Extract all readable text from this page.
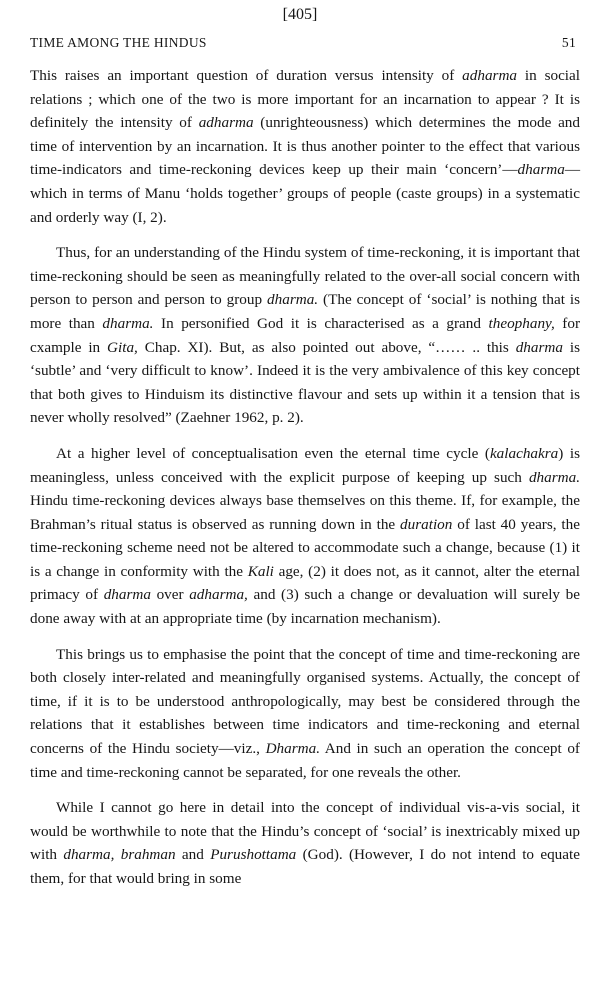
[405]
TIME AMONG THE HINDUS	51

This raises an important question of duration versus intensity of adharma in social relations ; which one of the two is more important for an incarnation to appear ? It is definitely the intensity of adharma (unrighteousness) which determines the mode and time of intervention by an incarnation. It is thus another pointer to the effect that various time-indicators and time-reckoning devices keep up their main ‘concern’—dharma—which in terms of Manu ‘holds together’ groups of people (caste groups) in a systematic and orderly way (I, 2).

Thus, for an understanding of the Hindu system of time-reckoning, it is important that time-reckoning should be seen as meaningfully related to the over-all social concern with person to person and person to group dharma. (The concept of ‘social’ is nothing that is more than dharma. In personified God it is characterised as a grand theophany, for cxample in Gita, Chap. XI). But, as also pointed out above, “…… .. this dharma is ‘subtle’ and ‘very difficult to know’. Indeed it is the very ambivalence of this key concept that both gives to Hinduism its distinctive flavour and sets up within it a tension that is never wholly resolved” (Zaehner 1962, p. 2).

At a higher level of conceptualisation even the eternal time cycle (kalachakra) is meaningless, unless conceived with the explicit purpose of keeping up such dharma. Hindu time-reckoning devices always base themselves on this theme. If, for example, the Brahman’s ritual status is observed as running down in the duration of last 40 years, the time-reckoning scheme need not be altered to accommodate such a change, because (1) it is a change in conformity with the Kali age, (2) it does not, as it cannot, alter the eternal primacy of dharma over adharma, and (3) such a change or devaluation will surely be done away with at an appropriate time (by incarnation mechanism).

This brings us to emphasise the point that the concept of time and time-reckoning are both closely inter-related and meaningfully organised systems. Actually, the concept of time, if it is to be understood anthropologically, may best be considered through the relations that it establishes between time indicators and time-reckoning and eternal concerns of the Hindu society—viz., Dharma. And in such an operation the concept of time and time-reckoning cannot be separated, for one reveals the other.

While I cannot go here in detail into the concept of individual vis-a-vis social, it would be worthwhile to note that the Hindu’s concept of ‘social’ is inextricably mixed up with dharma, brahman and Purushottama (God). (However, I do not intend to equate them, for that would bring in some
